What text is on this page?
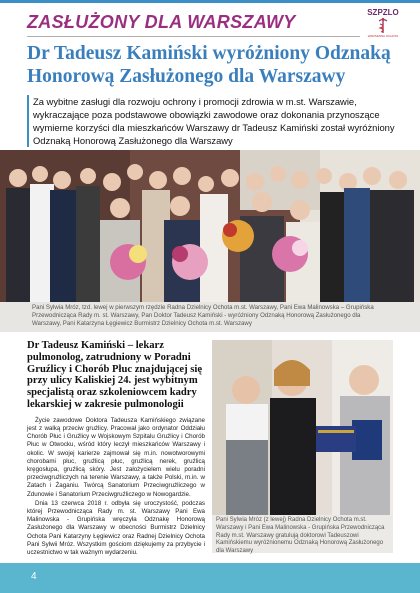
ZASŁUŻONY DLA WARSZAWY	SZPZLO
WARSZAWA OCHOTA
Dr Tadeusz Kamiński wyróżniony Odznaką Honorową Zasłużonego dla Warszawy

Za wybitne zasługi dla rozwoju ochrony i promocji zdrowia w m.st. Warszawie, wykraczające poza podstawowe obowiązki zawodowe oraz dokonania przynoszące wymierne korzyści dla mieszkańców Warszawy dr Tadeusz Kamiński został wyróżniony Odznaką Honorową Zasłużonego dla Warszawy

Pani Sylwia Mróz, tzd. lewej w pierwszym rzędzie Radna Dzielnicy Ochota m.st. Warszawy, Pani Ewa Malinowska – Grupińska Przewodnicząca Rady m. st. Warszawy, Pan Doktor Tadeusz Kamiński - wyróżniony Odznaką Honorową Zasłużonego dla Warszawy, Pani Katarzyna Łęgiewicz Burmistrz Dzielnicy Ochota m.st. Warszawy

Dr Tadeusz Kamiński – lekarz pulmonolog, zatrudniony w Poradni Gruźlicy i Chorób Płuc znajdującej się przy ulicy Kaliskiej 24. jest wybitnym specjalistą oraz szkoleniowcem kadry lekarskiej w zakresie pulmonologii

Życie zawodowe Doktora Tadeusza Kamińskiego związane jest z walką przeciw gruźlicy. Pracował jako ordynator Oddziału Chorób Płuc i Gruźlicy w Wojskowym Szpitalu Gruźlicy i Chorób Płuc w Otwocku, wśród który leczył mieszkańców Warszawy i okolic. W swojej karierze zajmował się m.in. nowotworowymi chorobami płuc, gruźlicą płuc, gruźlicą nerek, gruźlicą kręgosłupa, gruźlicą skóry. Jest założycielem wielu poradni przeciwgruźliczych na terenie Warszawy, a także Polski, m.in. w Zatach i Żaganiu. Twórcą Sanatorium Przeciwgruźliczego w Zdunowie i Sanatorium Przeciwgruźliczego w Nowogardzie.

Dnia 13 czerwca 2018 r. odbyła się uroczystość, podczas której Przewodnicząca Rady m. st. Warszawy Pani Ewa Malinowska - Grupińska wręczyła Odznakę Honorową Zasłużonego dla Warszawy w obecności Burmistrz Dzielnicy Ochota Pani Katarzyny Łęgiewicz oraz Radnej Dzielnicy Ochota Pani Sylwii Mróz. Wszystkim gościom dziękujemy za przybycie i uczestnictwo w tak ważnym wydarzeniu.

Pani Sylwia Mróz (z lewej) Radna Dzielnicy Ochota m.st. Warszawy i Pani Ewa Malinowska - Grupińska Przewodnicząca Rady m.st. Warszawy gratulują doktorowi Tadeuszowi Kamińskiemu wyróżnionemu Odznaką Honorową Zasłużonego dla Warszawy

4
